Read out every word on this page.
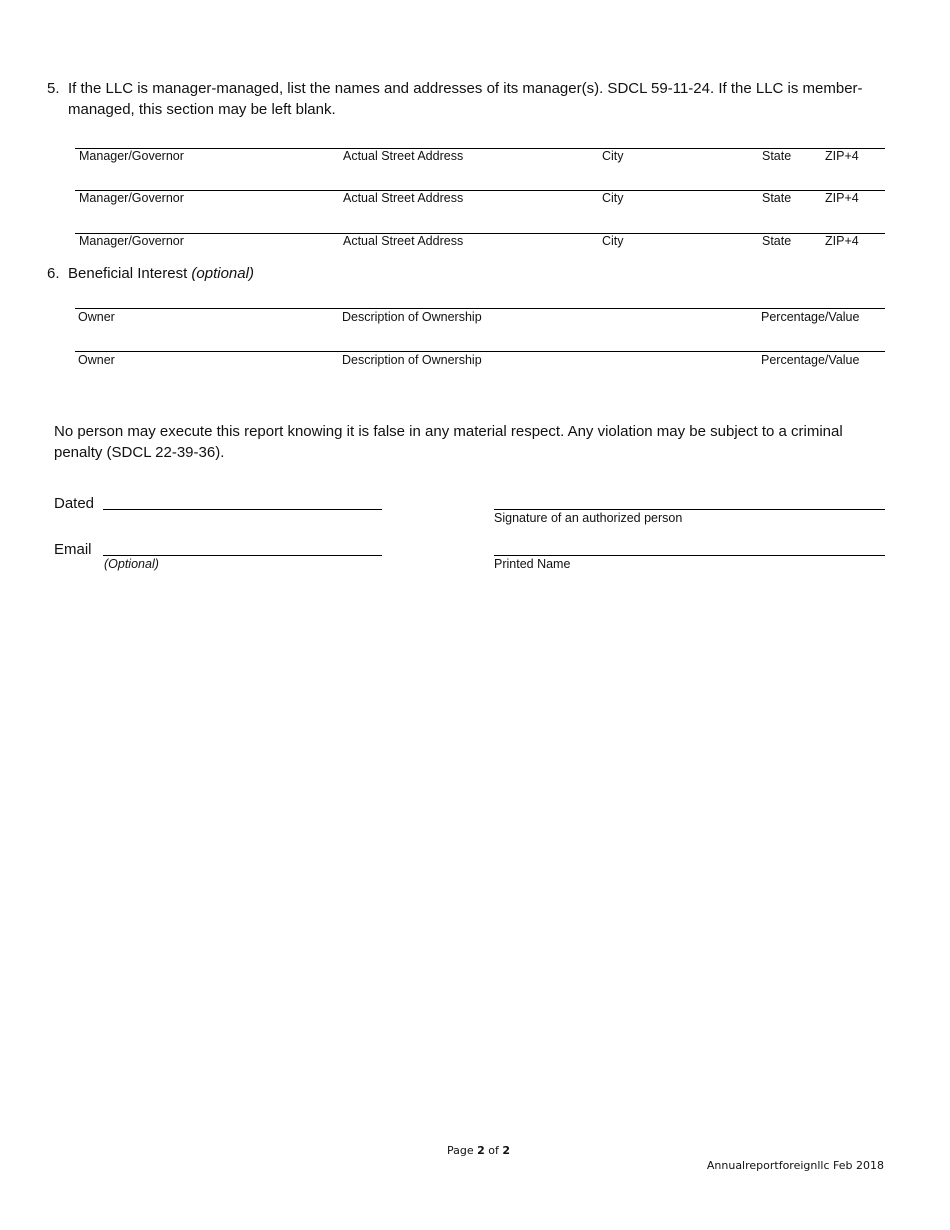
5. If the LLC is manager-managed, list the names and addresses of its manager(s). SDCL 59-11-24. If the LLC is member-
managed, this section may be left blank.
Manager/Governor	Actual Street Address	City	State	ZIP+4
Manager/Governor	Actual Street Address	City	State	ZIP+4
Manager/Governor	Actual Street Address	City	State	ZIP+4
6. Beneficial Interest (optional)
Owner	Description of Ownership	Percentage/Value
Owner	Description of Ownership	Percentage/Value
No person may execute this report knowing it is false in any material respect. Any violation may be subject to a criminal
penalty (SDCL 22-39-36).
Dated
Signature of an authorized person
Email
(Optional)	Printed Name
Page 2 of 2
Annualreportforeignllc Feb 2018
